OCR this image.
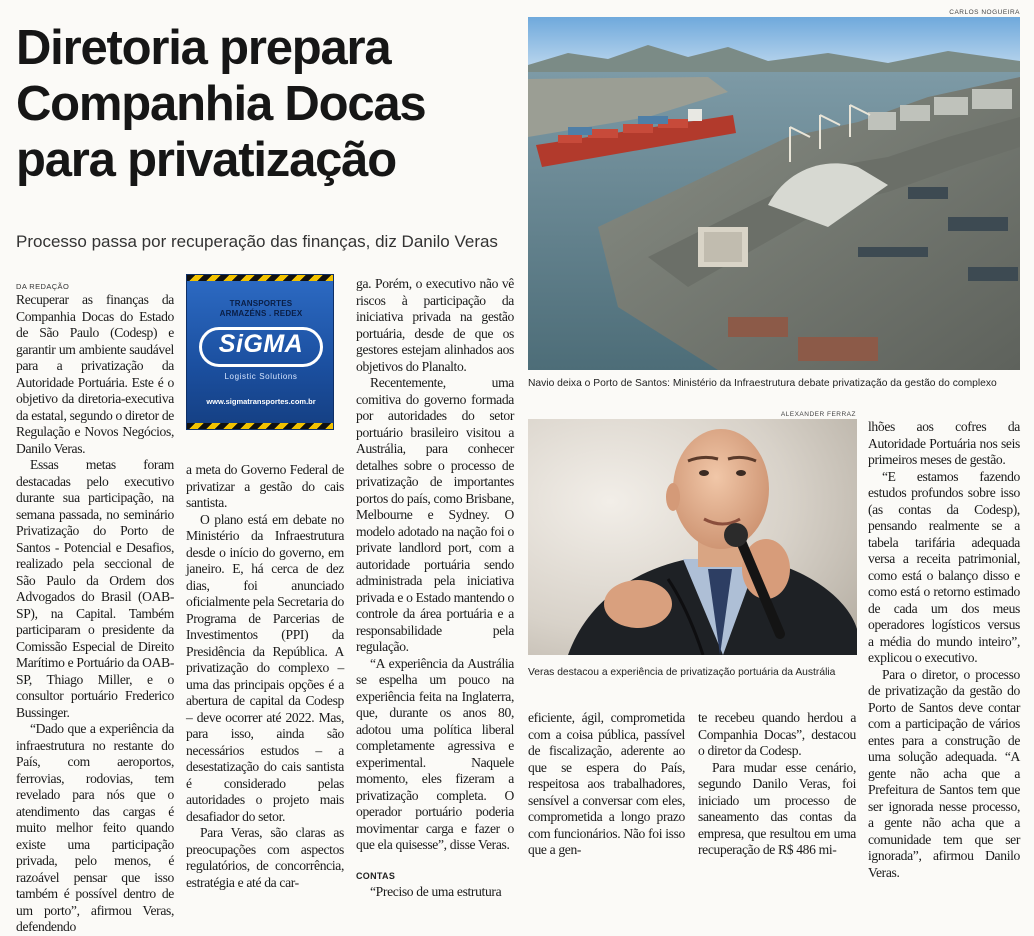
Diretoria prepara
Companhia Docas
para privatização
Processo passa por recuperação das finanças, diz Danilo Veras
CARLOS NOGUEIRA
Navio deixa o Porto de Santos: Ministério da Infraestrutura debate privatização da gestão do complexo
ALEXANDER FERRAZ
Veras destacou a experiência de privatização portuária da Austrália
DA REDAÇÃO
TRANSPORTES
ARMAZÉNS . REDEX
SiGMA
Logistic Solutions
www.sigmatransportes.com.br

Recuperar as finanças da Companhia Docas do Estado de São Paulo (Codesp) e garantir um ambiente saudável para a privatização da Autoridade Portuária. Este é o objetivo da diretoria-executiva da estatal, segundo o diretor de Regulação e Novos Negócios, Danilo Veras.

Essas metas foram destacadas pelo executivo durante sua participação, na semana passada, no seminário Privatização do Porto de Santos - Potencial e Desafios, realizado pela seccional de São Paulo da Ordem dos Advogados do Brasil (OAB-SP), na Capital. Também participaram o presidente da Comissão Especial de Direito Marítimo e Portuário da OAB-SP, Thiago Miller, e o consultor portuário Frederico Bussinger.

“Dado que a experiência da infraestrutura no restante do País, com aeroportos, ferrovias, rodovias, tem revelado para nós que o atendimento das cargas é muito melhor feito quando existe uma participação privada, pelo menos, é razoável pensar que isso também é possível dentro de um porto”, afirmou Veras, defendendo

a meta do Governo Federal de privatizar a gestão do cais santista.

O plano está em debate no Ministério da Infraestrutura desde o início do governo, em janeiro. E, há cerca de dez dias, foi anunciado oficialmente pela Secretaria do Programa de Parcerias de Investimentos (PPI) da Presidência da República. A privatização do complexo – uma das principais opções é a abertura de capital da Codesp – deve ocorrer até 2022. Mas, para isso, ainda são necessários estudos – a desestatização do cais santista é considerado pelas autoridades o projeto mais desafiador do setor.

Para Veras, são claras as preocupações com aspectos regulatórios, de concorrência, estratégia e até da car-

ga. Porém, o executivo não vê riscos à participação da iniciativa privada na gestão portuária, desde de que os gestores estejam alinhados aos objetivos do Planalto.

Recentemente, uma comitiva do governo formada por autoridades do setor portuário brasileiro visitou a Austrália, para conhecer detalhes sobre o processo de privatização de importantes portos do país, como Brisbane, Melbourne e Sydney. O modelo adotado na nação foi o private landlord port, com a autoridade portuária sendo administrada pela iniciativa privada e o Estado mantendo o controle da área portuária e a responsabilidade pela regulação.

“A experiência da Austrália se espelha um pouco na experiência feita na Inglaterra, que, durante os anos 80, adotou uma política liberal completamente agressiva e experimental. Naquele momento, eles fizeram a privatização completa. O operador portuário poderia movimentar carga e fazer o que ela quisesse”, disse Veras.

CONTAS

“Preciso de uma estrutura

eficiente, ágil, comprometida com a coisa pública, passível de fiscalização, aderente ao que se espera do País, respeitosa aos trabalhadores, sensível a conversar com eles, comprometida a longo prazo com funcionários. Não foi isso que a gen-

te recebeu quando herdou a Companhia Docas”, destacou o diretor da Codesp.

Para mudar esse cenário, segundo Danilo Veras, foi iniciado um processo de saneamento das contas da empresa, que resultou em uma recuperação de R$ 486 mi-

lhões aos cofres da Autoridade Portuária nos seis primeiros meses de gestão.

“E estamos fazendo estudos profundos sobre isso (as contas da Codesp), pensando realmente se a tabela tarifária adequada versa a receita patrimonial, como está o balanço disso e como está o retorno estimado de cada um dos meus operadores logísticos versus a média do mundo inteiro”, explicou o executivo.

Para o diretor, o processo de privatização da gestão do Porto de Santos deve contar com a participação de vários entes para a construção de uma solução adequada. “A gente não acha que a Prefeitura de Santos tem que ser ignorada nesse processo, a gente não acha que a comunidade tem que ser ignorada”, afirmou Danilo Veras.
